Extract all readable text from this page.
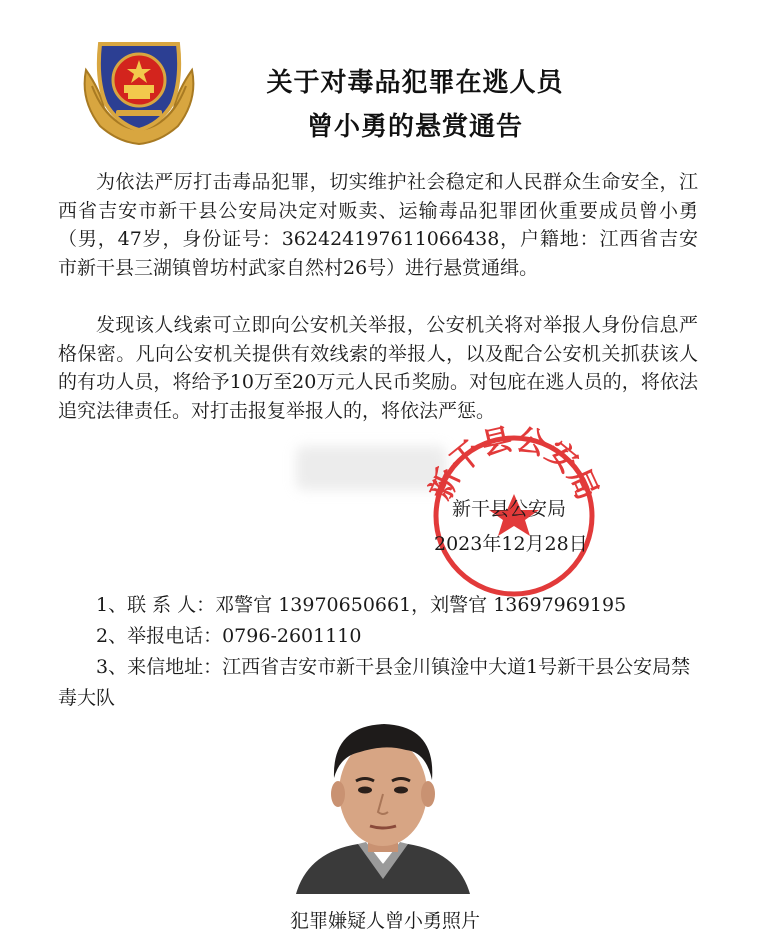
关于对毒品犯罪在逃人员
曾小勇的悬赏通告

为依法严厉打击毒品犯罪，切实维护社会稳定和人民群众生命安全，江西省吉安市新干县公安局决定对贩卖、运输毒品犯罪团伙重要成员曾小勇（男，47岁，身份证号：362424197611066438，户籍地：江西省吉安市新干县三湖镇曾坊村武家自然村26号）进行悬赏通缉。

发现该人线索可立即向公安机关举报，公安机关将对举报人身份信息严格保密。凡向公安机关提供有效线索的举报人，以及配合公安机关抓获该人的有功人员，将给予10万至20万元人民币奖励。对包庇在逃人员的，将依法追究法律责任。对打击报复举报人的，将依法严惩。

新干县公安局
新干县公安局
2023年12月28日
1、联 系 人：邓警官 13970650661，刘警官 13697969195
2、举报电话：0796-2601110
3、来信地址：江西省吉安市新干县金川镇淦中大道1号新干县公安局禁毒大队
犯罪嫌疑人曾小勇照片
